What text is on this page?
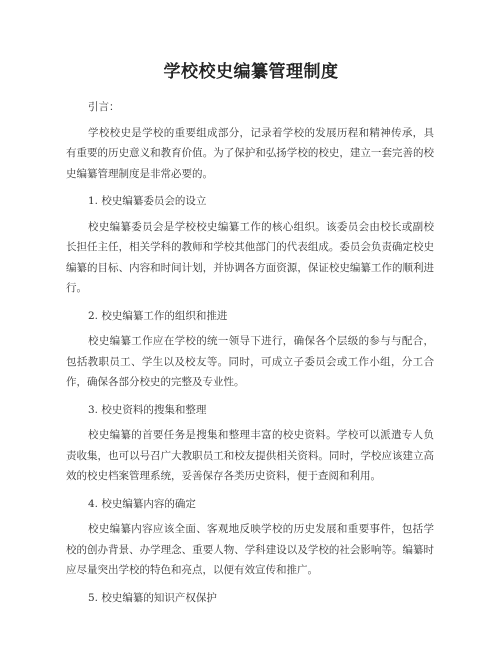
学校校史编纂管理制度

引言：

学校校史是学校的重要组成部分，记录着学校的发展历程和精神传承，具有重要的历史意义和教育价值。为了保护和弘扬学校的校史，建立一套完善的校史编纂管理制度是非常必要的。

1. 校史编纂委员会的设立

校史编纂委员会是学校校史编纂工作的核心组织。该委员会由校长或副校长担任主任，相关学科的教师和学校其他部门的代表组成。委员会负责确定校史编纂的目标、内容和时间计划，并协调各方面资源，保证校史编纂工作的顺利进行。

2. 校史编纂工作的组织和推进

校史编纂工作应在学校的统一领导下进行，确保各个层级的参与与配合，包括教职员工、学生以及校友等。同时，可成立子委员会或工作小组，分工合作，确保各部分校史的完整及专业性。

3. 校史资料的搜集和整理

校史编纂的首要任务是搜集和整理丰富的校史资料。学校可以派遣专人负责收集，也可以号召广大教职员工和校友提供相关资料。同时，学校应该建立高效的校史档案管理系统，妥善保存各类历史资料，便于查阅和利用。

4. 校史编纂内容的确定

校史编纂内容应该全面、客观地反映学校的历史发展和重要事件，包括学校的创办背景、办学理念、重要人物、学科建设以及学校的社会影响等。编纂时应尽量突出学校的特色和亮点，以便有效宣传和推广。

5. 校史编纂的知识产权保护
